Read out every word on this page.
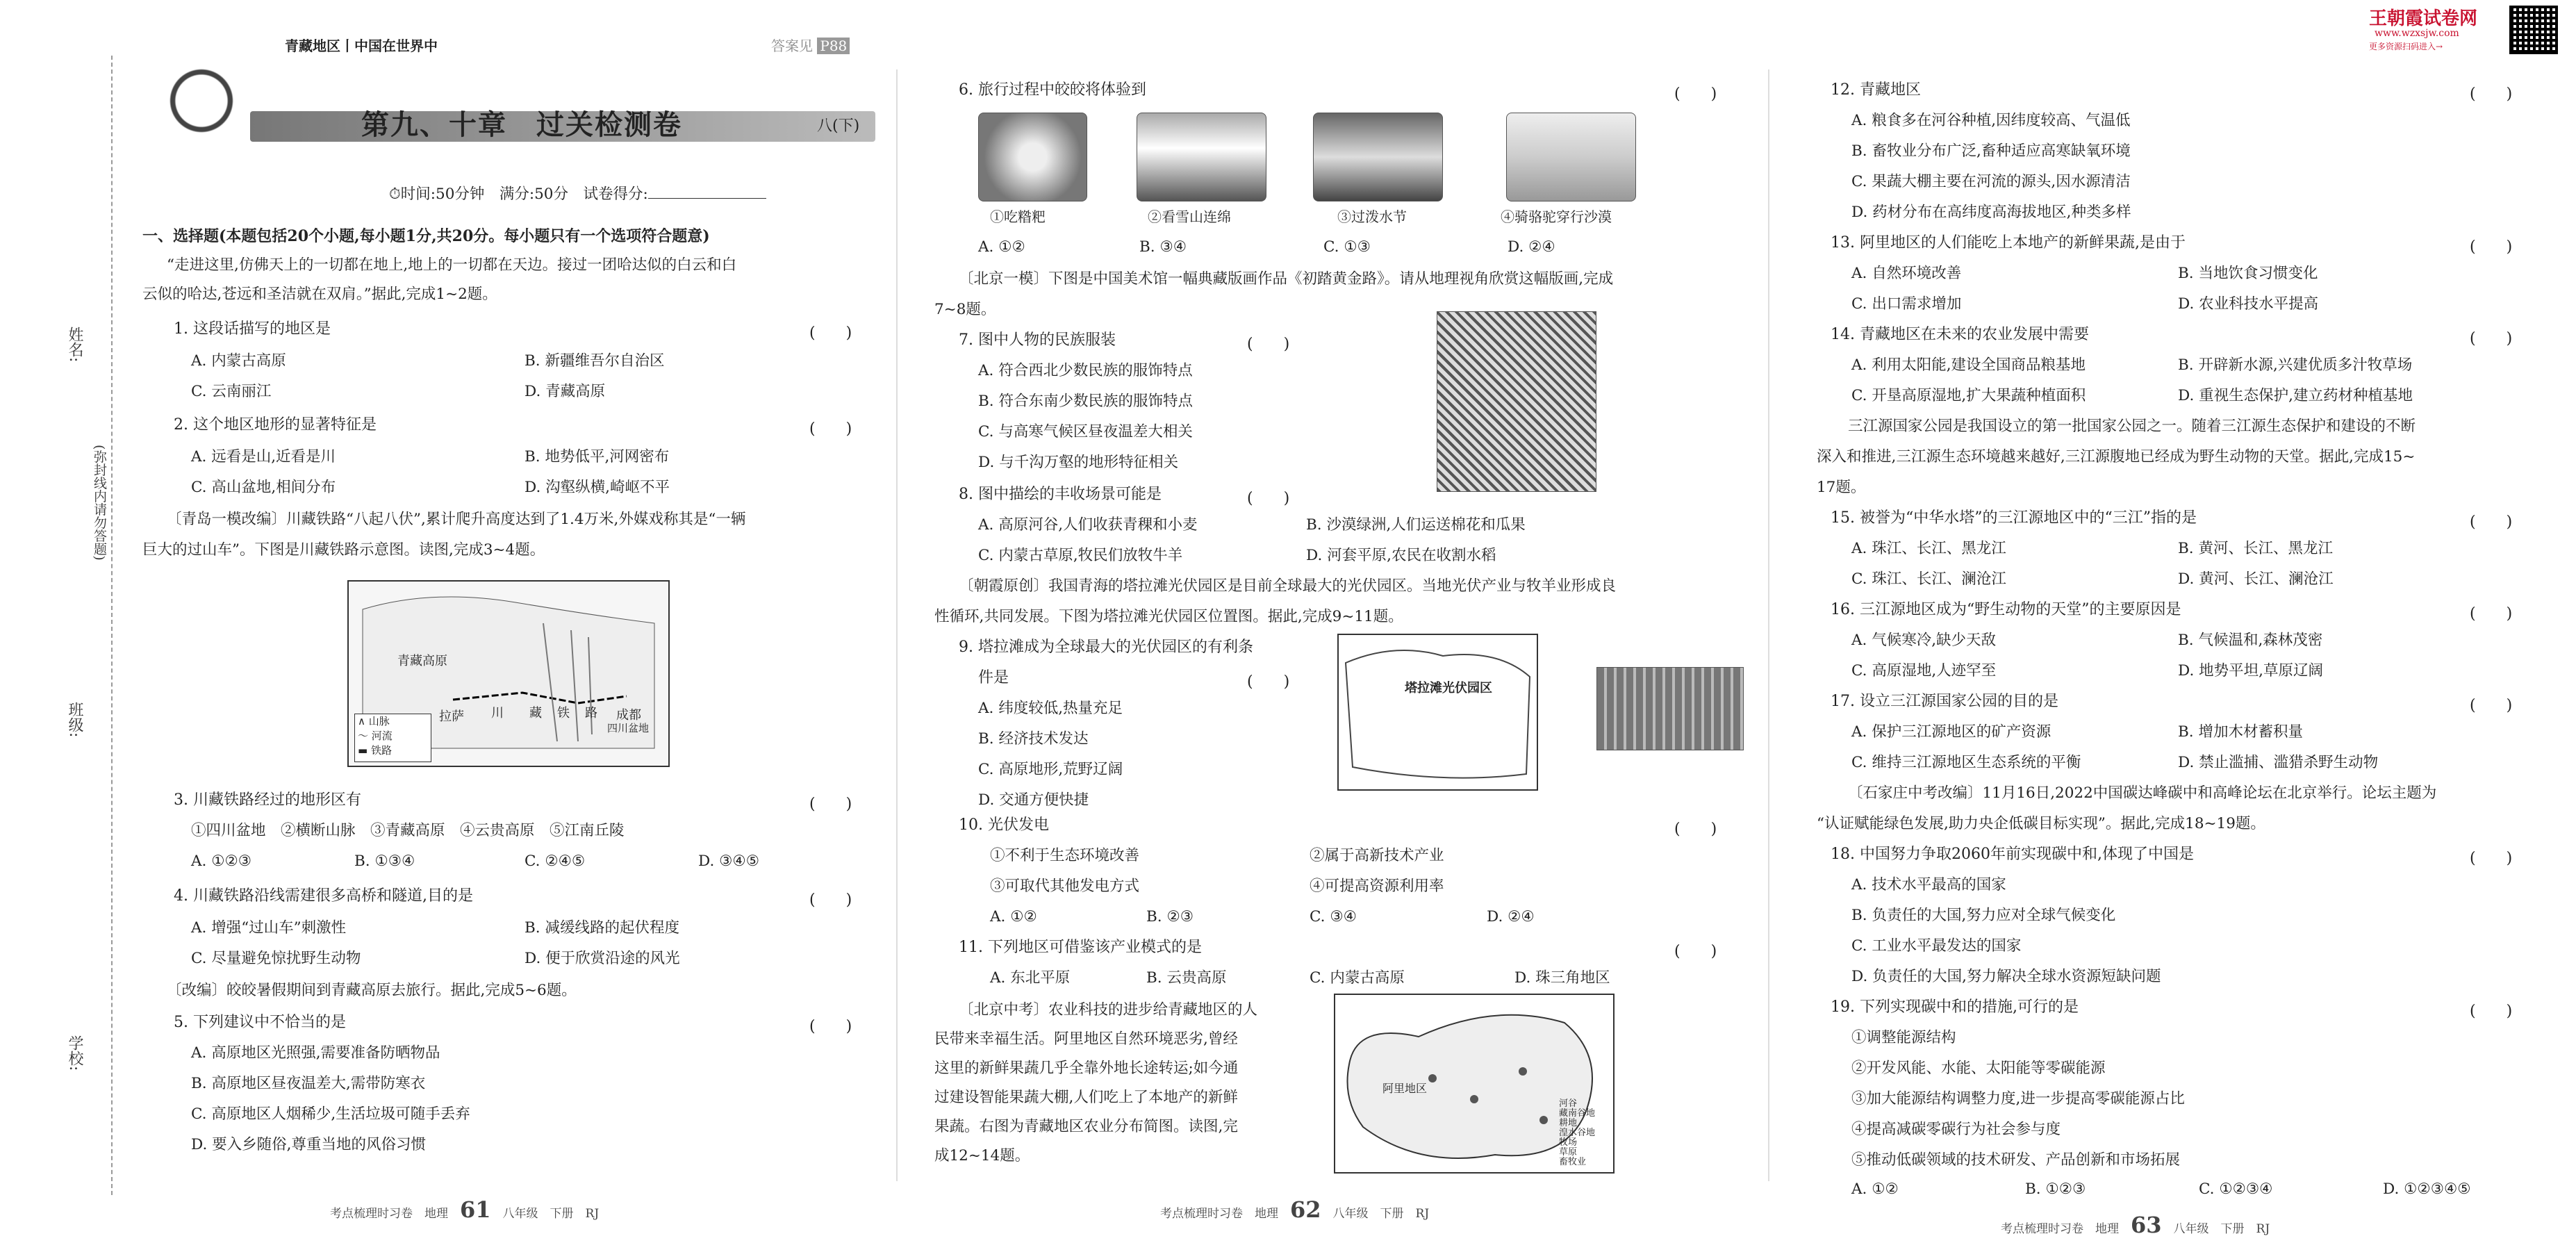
姓名:
班级:
学校:
(弥封线内请勿答题)
青藏地区丨中国在世界中	答案见 P88
第九、十章　过关检测卷	八(下)
⏱时间:50分钟　满分:50分　试卷得分:
一、选择题(本题包括20个小题,每小题1分,共20分。每小题只有一个选项符合题意)
“走进这里,仿佛天上的一切都在地上,地上的一切都在天边。接过一团哈达似的白云和白
云似的哈达,苍远和圣洁就在双肩。”据此,完成1~2题。
1. 这段话描写的地区是	(　　)
A. 内蒙古高原	B. 新疆维吾尔自治区
C. 云南丽江	D. 青藏高原
2. 这个地区地形的显著特征是	(　　)
A. 远看是山,近看是川	B. 地势低平,河网密布
C. 高山盆地,相间分布	D. 沟壑纵横,崎岖不平
〔青岛一模改编〕川藏铁路“八起八伏”,累计爬升高度达到了1.4万米,外媒戏称其是“一辆
巨大的过山车”。下图是川藏铁路示意图。读图,完成3~4题。
青藏高原
拉萨 川 藏 铁 路 成都
四川盆地
∧ 山脉
～ 河流
▬ 铁路
3. 川藏铁路经过的地形区有	(　　)
①四川盆地　②横断山脉　③青藏高原　④云贵高原　⑤江南丘陵
A. ①②③	B. ①③④	C. ②④⑤	D. ③④⑤
4. 川藏铁路沿线需建很多高桥和隧道,目的是	(　　)
A. 增强“过山车”刺激性	B. 减缓线路的起伏程度
C. 尽量避免惊扰野生动物	D. 便于欣赏沿途的风光
〔改编〕皎皎暑假期间到青藏高原去旅行。据此,完成5~6题。
5. 下列建议中不恰当的是	(　　)
A. 高原地区光照强,需要准备防晒物品
B. 高原地区昼夜温差大,需带防寒衣
C. 高原地区人烟稀少,生活垃圾可随手丢弃
D. 要入乡随俗,尊重当地的风俗习惯
考点梳理时习卷　地理　 61　 八年级　下册　RJ
6. 旅行过程中皎皎将体验到	(　　)
①吃糌粑	②看雪山连绵	③过泼水节	④骑骆驼穿行沙漠
A. ①②	B. ③④	C. ①③	D. ②④
〔北京一模〕下图是中国美术馆一幅典藏版画作品《初踏黄金路》。请从地理视角欣赏这幅版画,完成
7~8题。
7. 图中人物的民族服装	(　　)
A. 符合西北少数民族的服饰特点
B. 符合东南少数民族的服饰特点
C. 与高寒气候区昼夜温差大相关
D. 与千沟万壑的地形特征相关
8. 图中描绘的丰收场景可能是	(　　)
A. 高原河谷,人们收获青稞和小麦	B. 沙漠绿洲,人们运送棉花和瓜果
C. 内蒙古草原,牧民们放牧牛羊	D. 河套平原,农民在收割水稻
〔朝霞原创〕我国青海的塔拉滩光伏园区是目前全球最大的光伏园区。当地光伏产业与牧羊业形成良
性循环,共同发展。下图为塔拉滩光伏园区位置图。据此,完成9~11题。
9. 塔拉滩成为全球最大的光伏园区的有利条
件是	(　　)
A. 纬度较低,热量充足
B. 经济技术发达
C. 高原地形,荒野辽阔
D. 交通方便快捷
塔拉滩光伏园区
10. 光伏发电	(　　)
①不利于生态环境改善	②属于高新技术产业
③可取代其他发电方式	④可提高资源利用率
A. ①②	B. ②③	C. ③④	D. ②④
11. 下列地区可借鉴该产业模式的是	(　　)
A. 东北平原	B. 云贵高原	C. 内蒙古高原	D. 珠三角地区
〔北京中考〕农业科技的进步给青藏地区的人
民带来幸福生活。阿里地区自然环境恶劣,曾经
这里的新鲜果蔬几乎全靠外地长途转运;如今通
过建设智能果蔬大棚,人们吃上了本地产的新鲜
果蔬。右图为青藏地区农业分布简图。读图,完
成12~14题。
阿里地区
河谷
藏南谷地
耕地
湟水谷地
牧场
草原
畜牧业
考点梳理时习卷　地理　 62　 八年级　下册　RJ
王朝霞试卷网
www.wzxsjw.com
更多资源扫码进入→
12. 青藏地区	(　　)
A. 粮食多在河谷种植,因纬度较高、气温低
B. 畜牧业分布广泛,畜种适应高寒缺氧环境
C. 果蔬大棚主要在河流的源头,因水源清洁
D. 药材分布在高纬度高海拔地区,种类多样
13. 阿里地区的人们能吃上本地产的新鲜果蔬,是由于	(　　)
A. 自然环境改善	B. 当地饮食习惯变化
C. 出口需求增加	D. 农业科技水平提高
14. 青藏地区在未来的农业发展中需要	(　　)
A. 利用太阳能,建设全国商品粮基地	B. 开辟新水源,兴建优质多汁牧草场
C. 开垦高原湿地,扩大果蔬种植面积	D. 重视生态保护,建立药材种植基地
三江源国家公园是我国设立的第一批国家公园之一。随着三江源生态保护和建设的不断
深入和推进,三江源生态环境越来越好,三江源腹地已经成为野生动物的天堂。据此,完成15~
17题。
15. 被誉为“中华水塔”的三江源地区中的“三江”指的是	(　　)
A. 珠江、长江、黑龙江	B. 黄河、长江、黑龙江
C. 珠江、长江、澜沧江	D. 黄河、长江、澜沧江
16. 三江源地区成为“野生动物的天堂”的主要原因是	(　　)
A. 气候寒冷,缺少天敌	B. 气候温和,森林茂密
C. 高原湿地,人迹罕至	D. 地势平坦,草原辽阔
17. 设立三江源国家公园的目的是	(　　)
A. 保护三江源地区的矿产资源	B. 增加木材蓄积量
C. 维持三江源地区生态系统的平衡	D. 禁止滥捕、滥猎杀野生动物
〔石家庄中考改编〕11月16日,2022中国碳达峰碳中和高峰论坛在北京举行。论坛主题为
“认证赋能绿色发展,助力央企低碳目标实现”。据此,完成18~19题。
18. 中国努力争取2060年前实现碳中和,体现了中国是	(　　)
A. 技术水平最高的国家
B. 负责任的大国,努力应对全球气候变化
C. 工业水平最发达的国家
D. 负责任的大国,努力解决全球水资源短缺问题
19. 下列实现碳中和的措施,可行的是	(　　)
①调整能源结构
②开发风能、水能、太阳能等零碳能源
③加大能源结构调整力度,进一步提高零碳能源占比
④提高减碳零碳行为社会参与度
⑤推动低碳领域的技术研发、产品创新和市场拓展
A. ①②	B. ①②③	C. ①②③④	D. ①②③④⑤
考点梳理时习卷　地理　 63　 八年级　下册　RJ
